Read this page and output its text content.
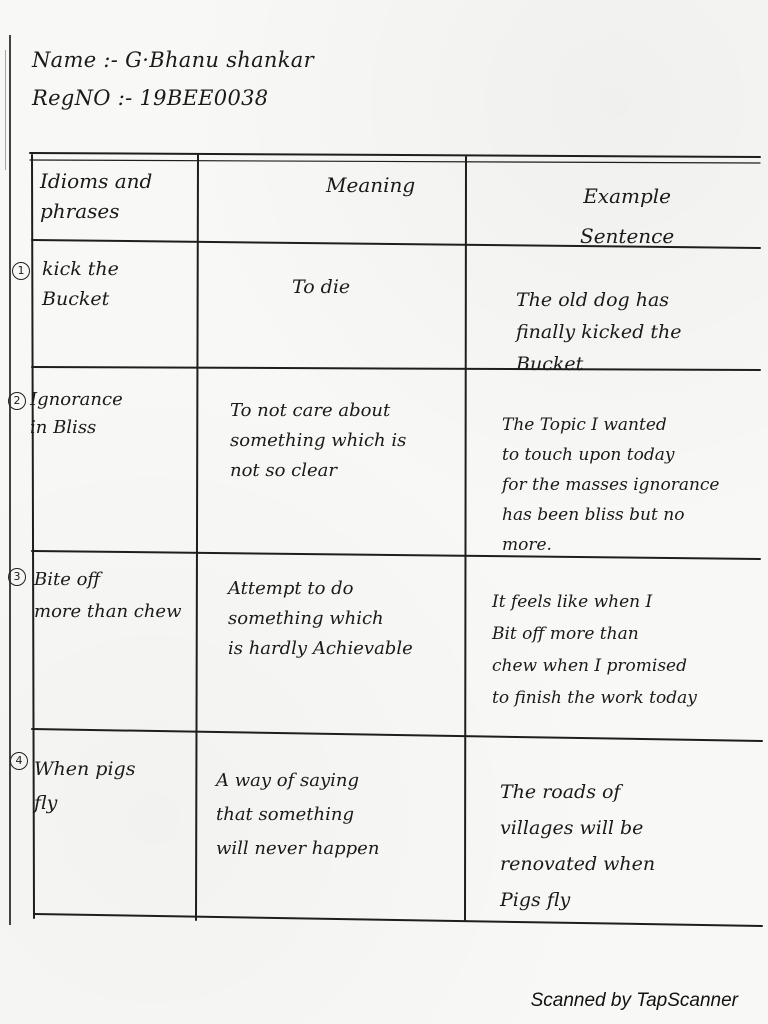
Name :- G·Bhanu shankar
RegNO :- 19BEE0038
Idioms and
phrases
Meaning	Example
Sentence
1 kick the
Bucket
To die
The old dog has
finally kicked the
Bucket
2 Ignorance
in Bliss
To not care about
something which is
not so clear
The Topic I wanted
to touch upon today
for the masses ignorance
has been bliss but no
more.
3 Bite off
more than chew
Attempt to do
something which
is hardly Achievable
It feels like when I
Bit off more than
chew when I promised
to finish the work today
4 When pigs
fly
A way of saying
that something
will never happen
The roads of
villages will be
renovated when
Pigs fly
Scanned by TapScanner
